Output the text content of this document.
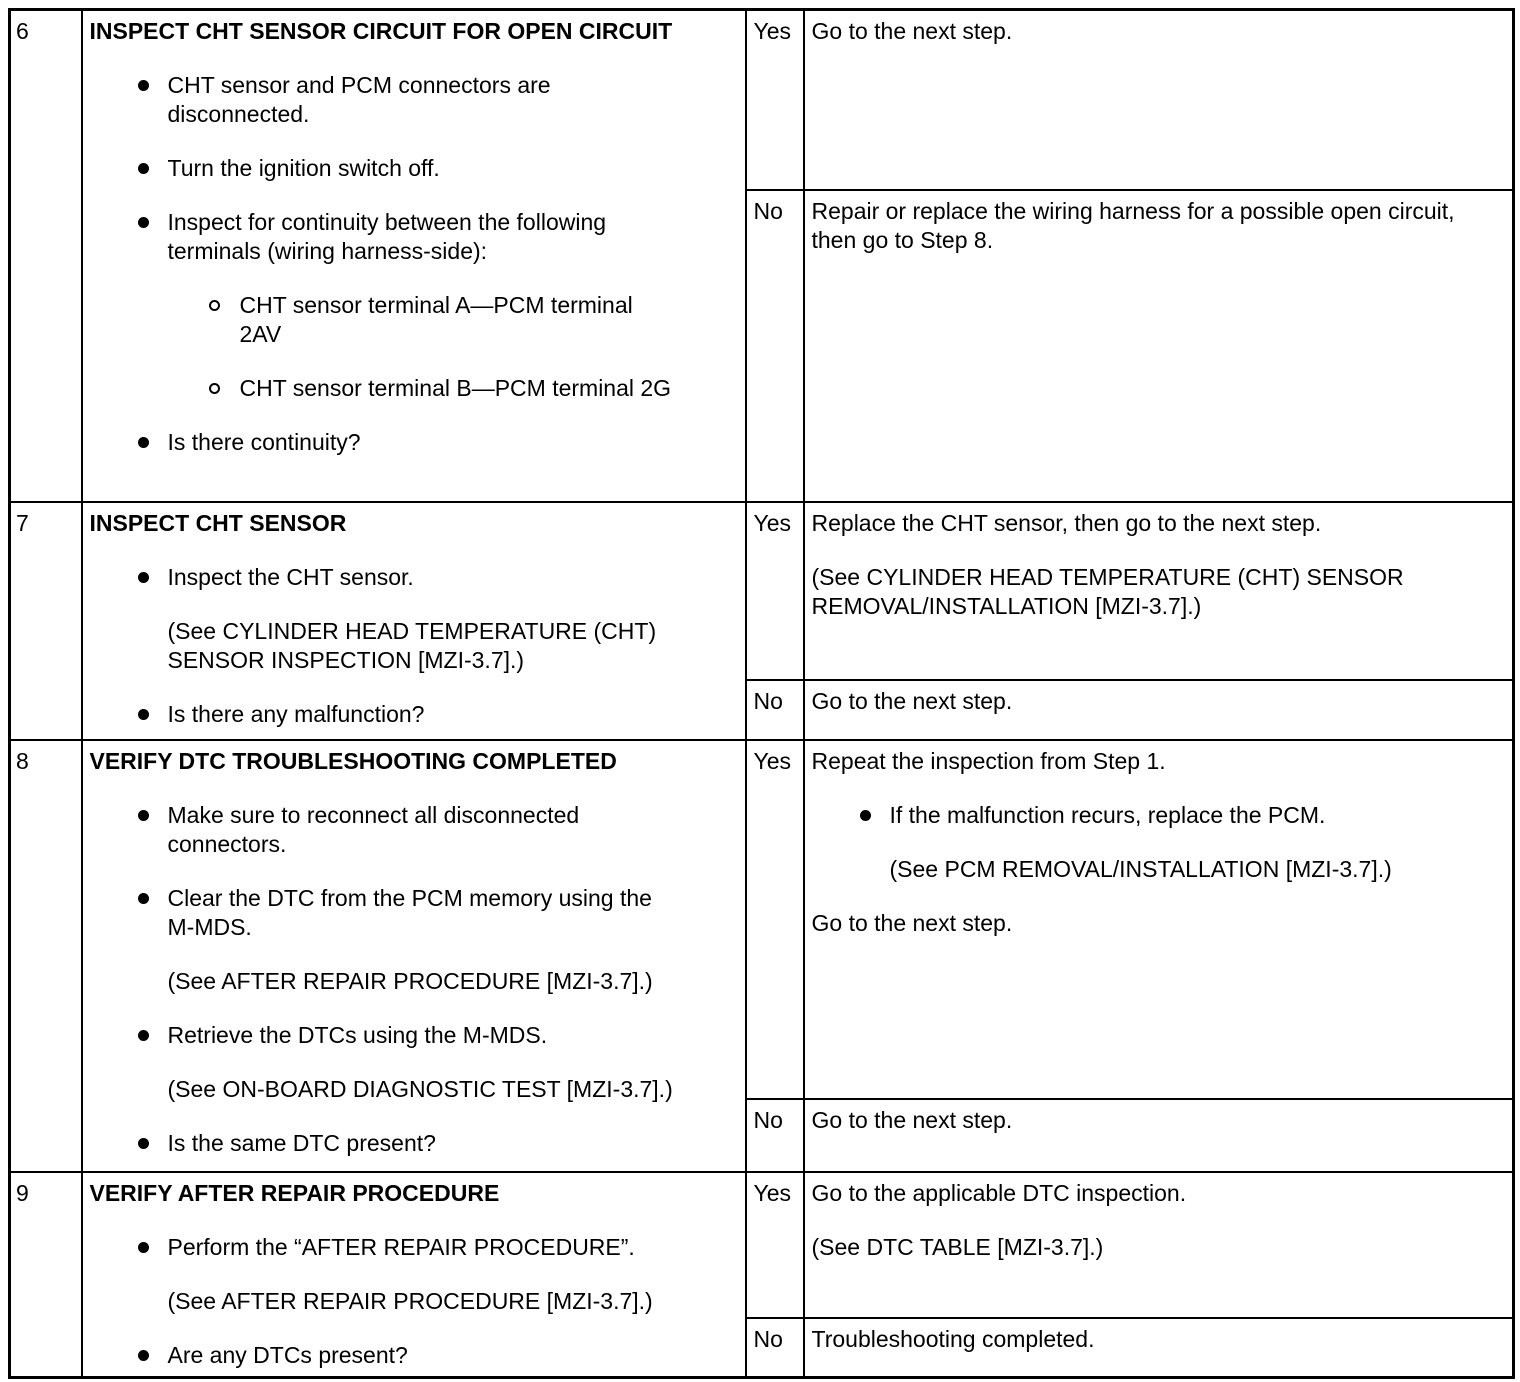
6	INSPECT CHT SENSOR CIRCUIT FOR OPEN CIRCUIT
CHT sensor and PCM connectors are disconnected.
Turn the ignition switch off.
Inspect for continuity between the following terminals (wiring harness-side):
CHT sensor terminal A—PCM terminal 2AV
CHT sensor terminal B—PCM terminal 2G
Is there continuity?
	Yes	Go to the next step.

		No	Repair or replace the wiring harness for a possible open circuit, then go to Step 8.

7	INSPECT CHT SENSOR
Inspect the CHT sensor.
(See CYLINDER HEAD TEMPERATURE (CHT) SENSOR INSPECTION [MZI-3.7].)
Is there any malfunction?
	Yes	Replace the CHT sensor, then go to the next step.
(See CYLINDER HEAD TEMPERATURE (CHT) SENSOR REMOVAL/INSTALLATION [MZI-3.7].)

		No	Go to the next step.

8	VERIFY DTC TROUBLESHOOTING COMPLETED
Make sure to reconnect all disconnected connectors.
Clear the DTC from the PCM memory using the M-MDS.
(See AFTER REPAIR PROCEDURE [MZI-3.7].)
Retrieve the DTCs using the M-MDS.
(See ON-BOARD DIAGNOSTIC TEST [MZI-3.7].)
Is the same DTC present?
	Yes	Repeat the inspection from Step 1.
If the malfunction recurs, replace the PCM.
(See PCM REMOVAL/INSTALLATION [MZI-3.7].)
Go to the next step.

		No	Go to the next step.

9	VERIFY AFTER REPAIR PROCEDURE
Perform the “AFTER REPAIR PROCEDURE”.
(See AFTER REPAIR PROCEDURE [MZI-3.7].)
Are any DTCs present?
	Yes	Go to the applicable DTC inspection.
(See DTC TABLE [MZI-3.7].)

		No	Troubleshooting completed.
